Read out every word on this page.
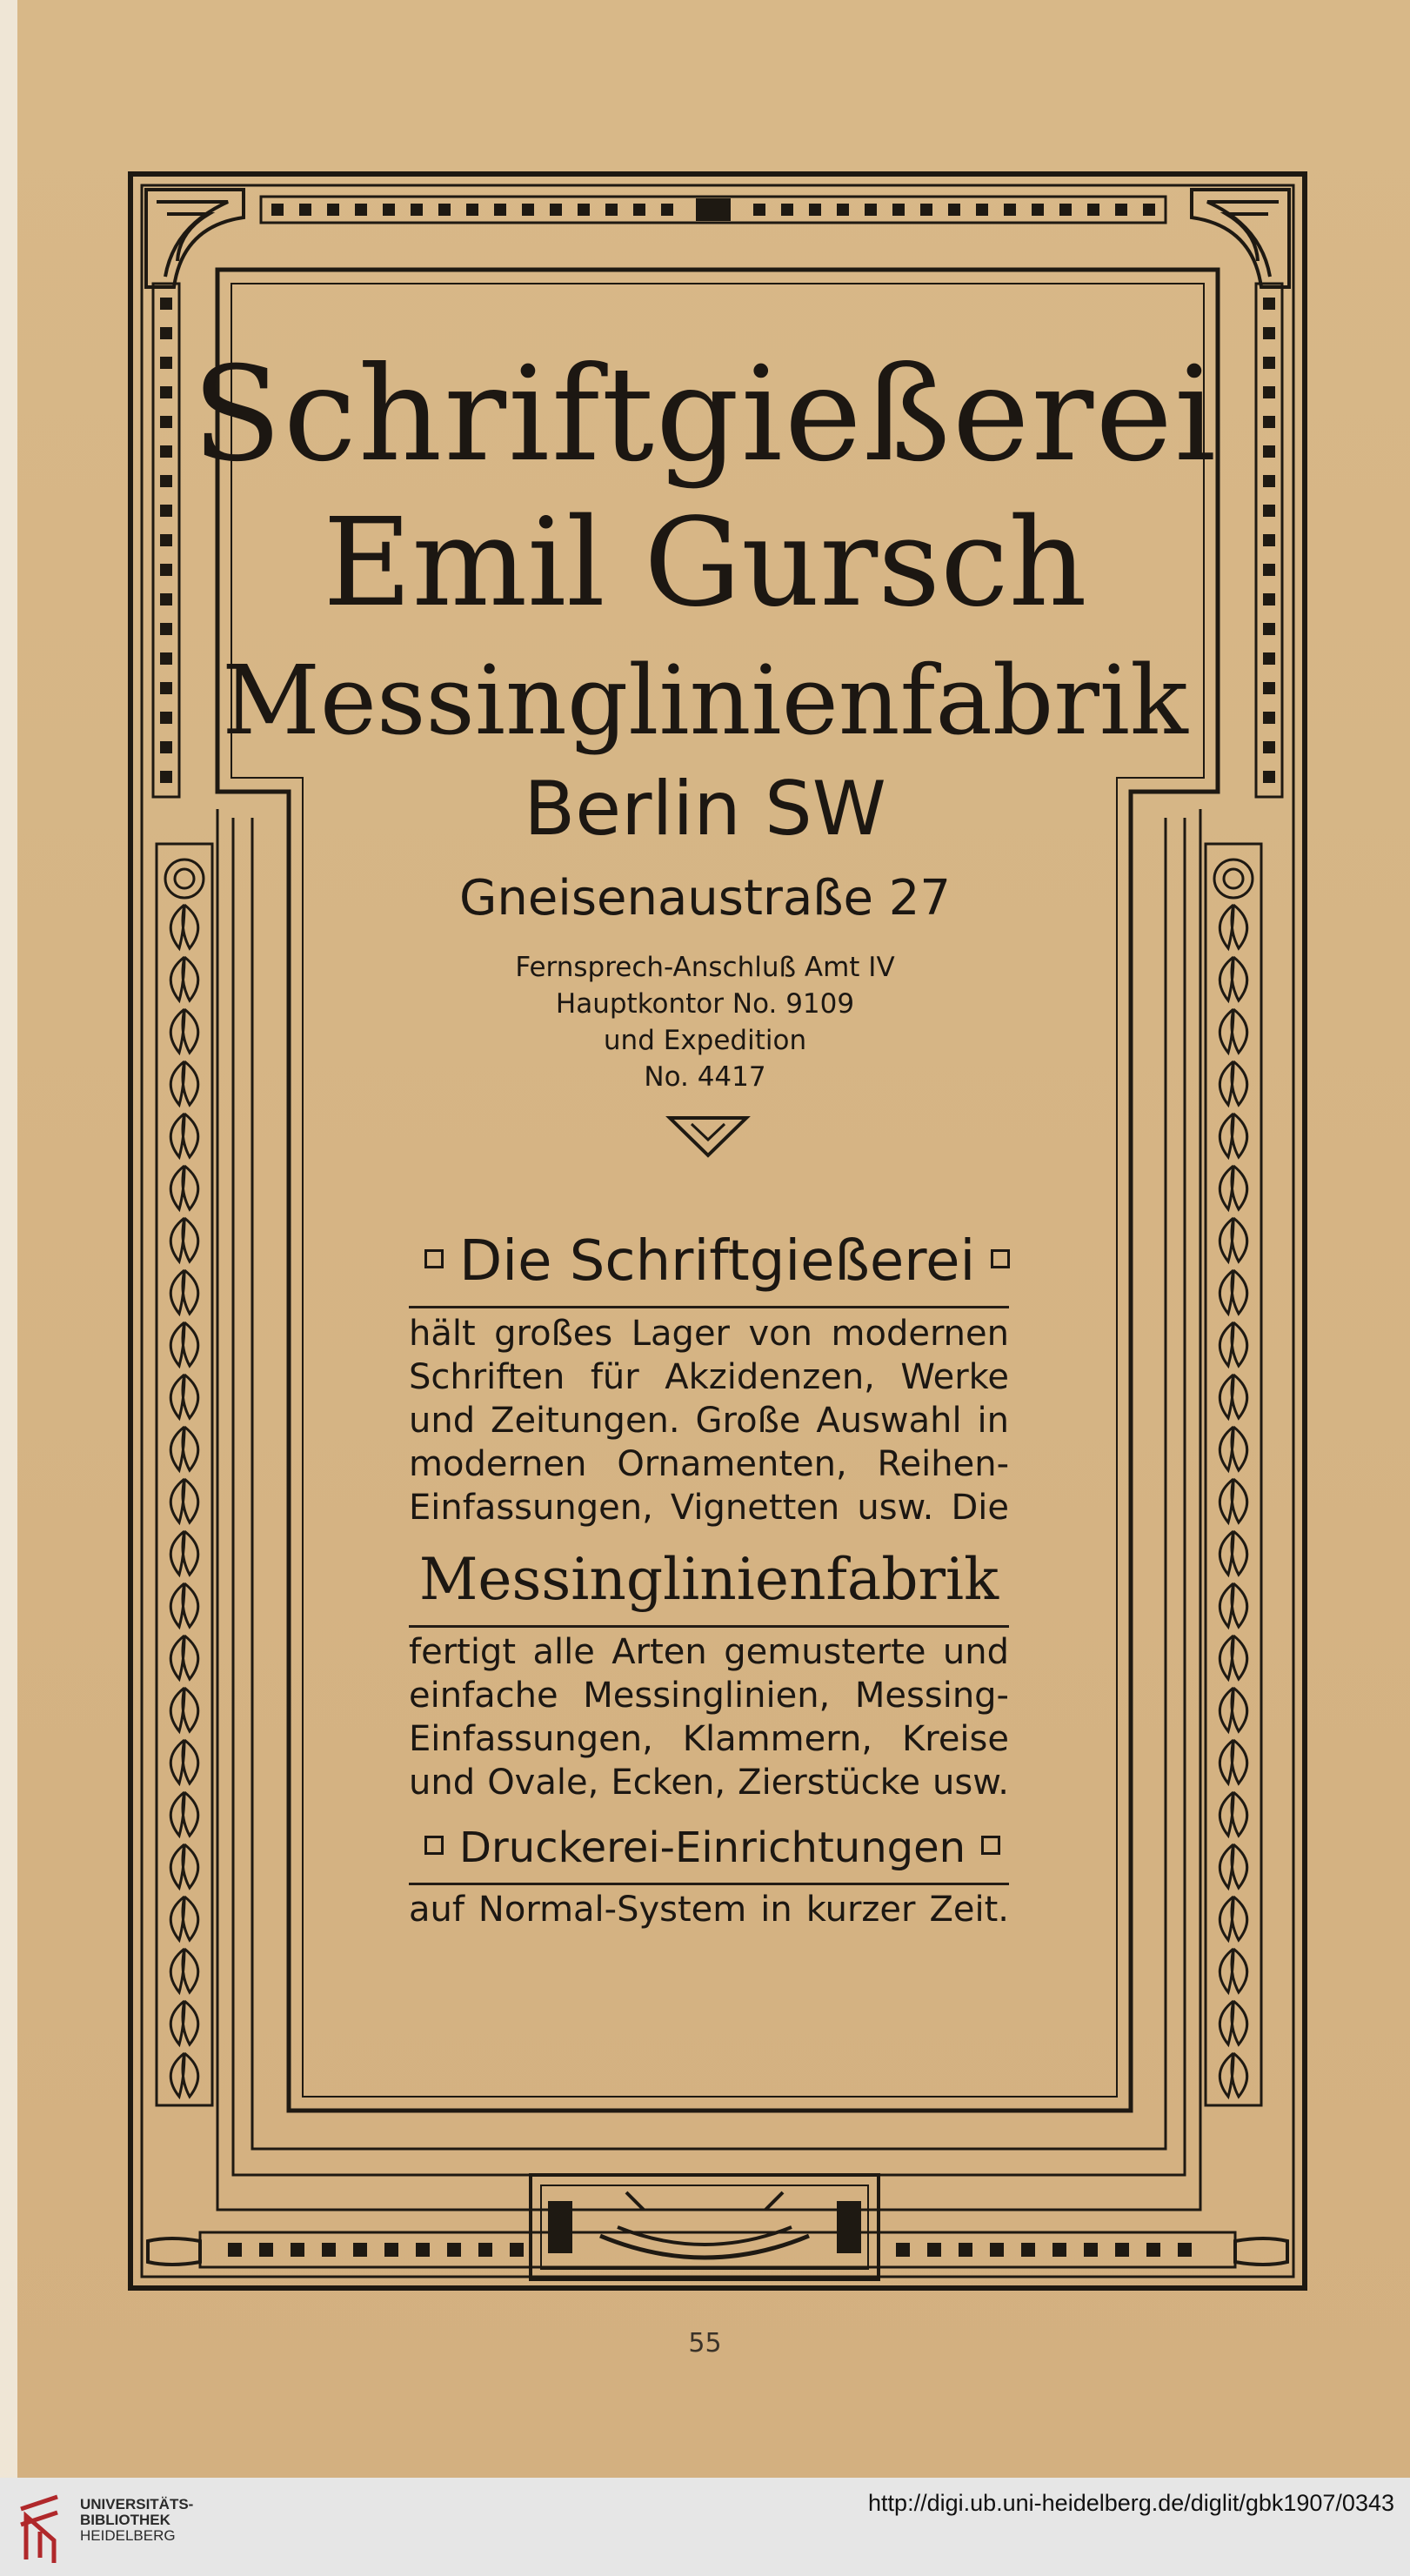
Schriftgießerei
Emil Gursch
Messinglinienfabrik
Berlin SW
Gneisenaustraße 27
Fernsprech-Anschluß Amt IV
Hauptkontor No. 9109
und Expedition
No. 4417
Die Schriftgießerei
hält großes Lager von modernen
Schriften für Akzidenzen, Werke
und Zeitungen. Große Auswahl in
modernen Ornamenten, Reihen-
Einfassungen, Vignetten usw. Die
Messinglinienfabrik
fertigt alle Arten gemusterte und
einfache Messinglinien, Messing-
Einfassungen, Klammern, Kreise
und Ovale, Ecken, Zierstücke usw.
Druckerei-Einrichtungen
auf Normal-System in kurzer Zeit.
55
UNIVERSITÄTS-
BIBLIOTHEK
HEIDELBERG
http://digi.ub.uni-heidelberg.de/diglit/gbk1907/0343
